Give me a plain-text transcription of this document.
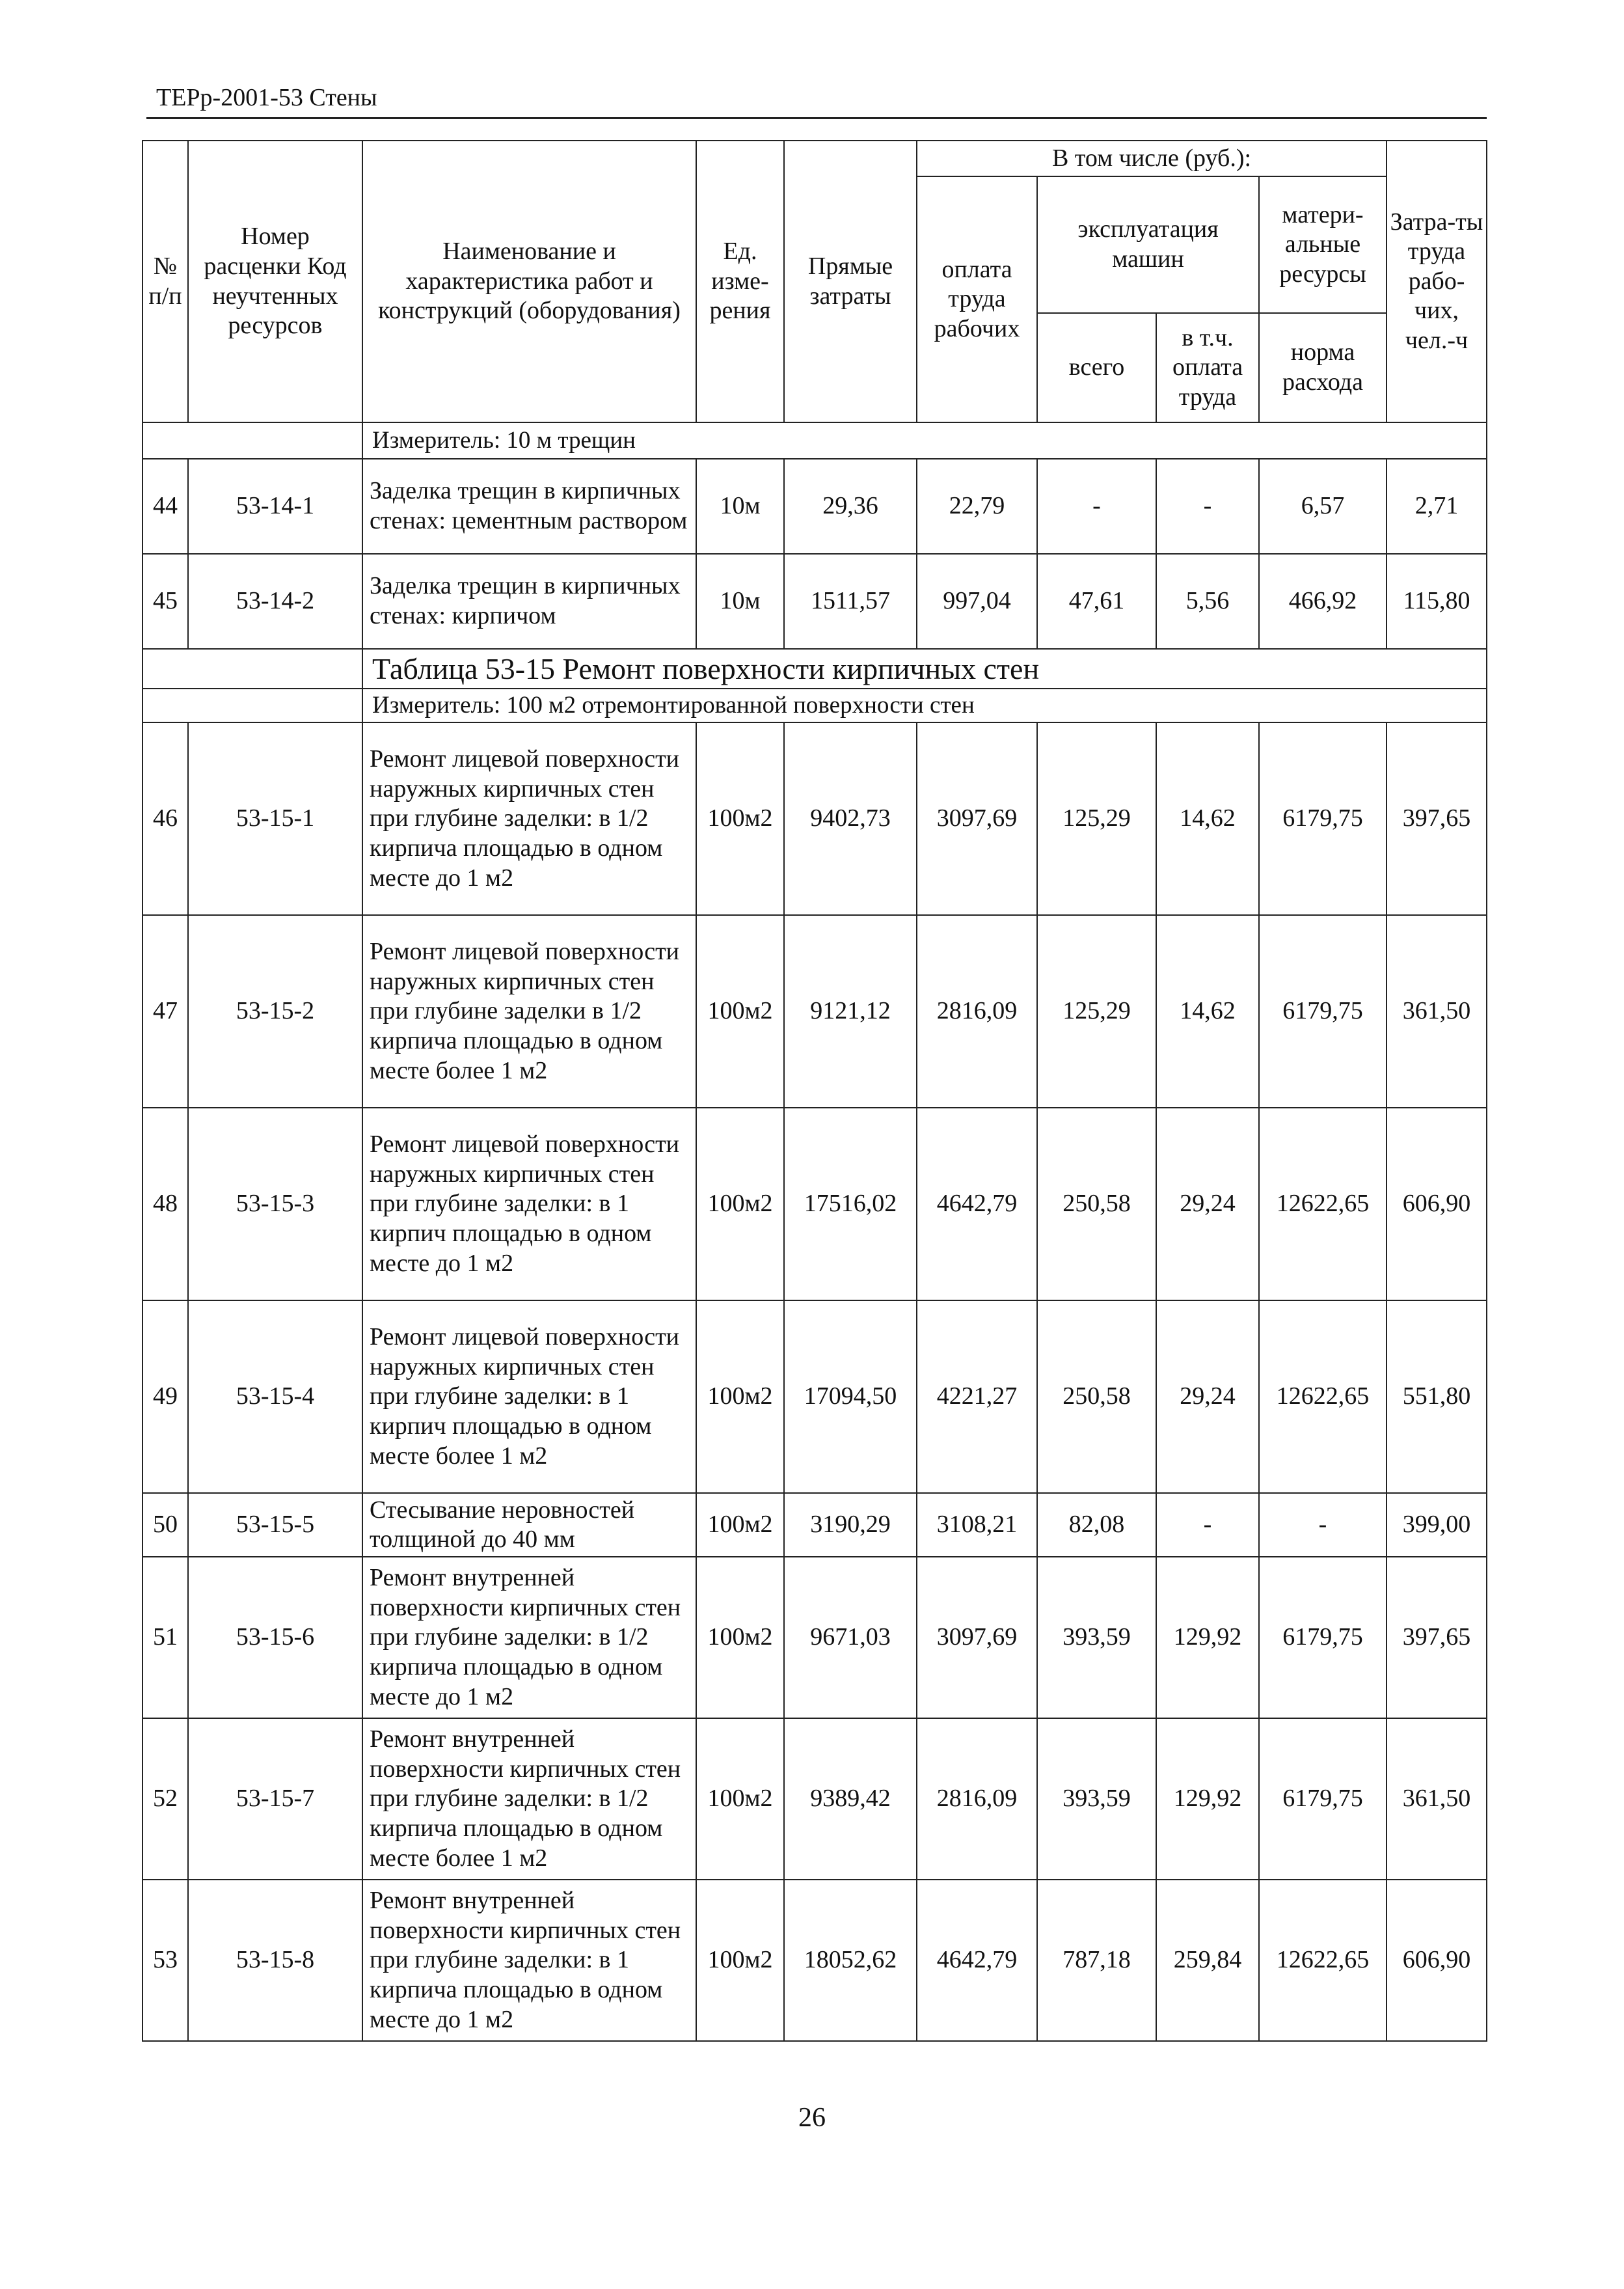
ТЕРр-2001-53 Стены
№ п/п	Номер расценки Код неучтенных ресурсов	Наименование и характеристика работ и конструкций (оборудования)	Ед. изме-рения	Прямые затраты	В том числе (руб.):				Затра-ты труда рабо-чих, чел.-ч
					оплата труда рабочих	эксплуатация машин		матери-альные ресурсы	
						всего	в т.ч. оплата труда	норма расхода	
		Измеритель: 10 м трещин							
44	53-14-1	Заделка трещин в кирпичных стенах: цементным раствором	10м	29,36	22,79	-	-	6,57	2,71
45	53-14-2	Заделка трещин в кирпичных стенах: кирпичом	10м	1511,57	997,04	47,61	5,56	466,92	115,80
		Таблица 53-15 Ремонт поверхности кирпичных стен							
		Измеритель: 100 м2 отремонтированной поверхности стен							
46	53-15-1	Ремонт лицевой поверхности наружных кирпичных стен при глубине заделки: в 1/2 кирпича площадью в одном месте до 1 м2	100м2	9402,73	3097,69	125,29	14,62	6179,75	397,65
47	53-15-2	Ремонт лицевой поверхности наружных кирпичных стен при глубине заделки в 1/2 кирпича площадью в одном месте более 1 м2	100м2	9121,12	2816,09	125,29	14,62	6179,75	361,50
48	53-15-3	Ремонт лицевой поверхности наружных кирпичных стен при глубине заделки: в 1 кирпич площадью в одном месте до 1 м2	100м2	17516,02	4642,79	250,58	29,24	12622,65	606,90
49	53-15-4	Ремонт лицевой поверхности наружных кирпичных стен при глубине заделки: в 1 кирпич площадью в одном месте более 1 м2	100м2	17094,50	4221,27	250,58	29,24	12622,65	551,80
50	53-15-5	Стесывание неровностей толщиной до 40 мм	100м2	3190,29	3108,21	82,08	-	-	399,00
51	53-15-6	Ремонт внутренней поверхности кирпичных стен при глубине заделки: в 1/2 кирпича площадью в одном месте до 1 м2	100м2	9671,03	3097,69	393,59	129,92	6179,75	397,65
52	53-15-7	Ремонт внутренней поверхности кирпичных стен при глубине заделки: в 1/2 кирпича площадью в одном месте более 1 м2	100м2	9389,42	2816,09	393,59	129,92	6179,75	361,50
53	53-15-8	Ремонт внутренней поверхности кирпичных стен при глубине заделки: в 1 кирпича площадью в одном месте до 1 м2	100м2	18052,62	4642,79	787,18	259,84	12622,65	606,90
26
